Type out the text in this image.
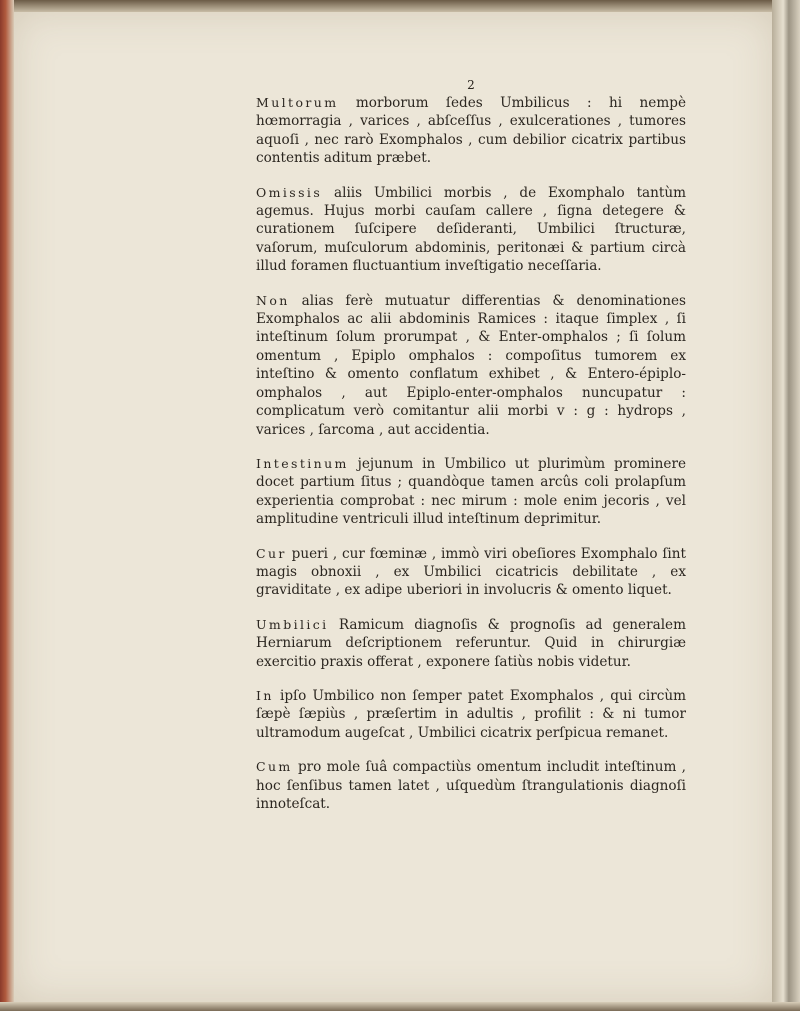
2

Multorum morborum ſedes Umbilicus : hi nempè hœmorragia , varices , abſceſſus , exulcerationes , tumores aquoſi , nec rarò Exomphalos , cum debilior cicatrix partibus contentis aditum præbet.

Omissis aliis Umbilici morbis , de Exomphalo tantùm agemus. Hujus morbi cauſam callere , ſigna detegere & curationem ſuſcipere deſideranti, Umbilici ſtructuræ, vaſorum, muſculorum abdominis, peritonæi & partium circà illud foramen fluctuantium inveſtigatio neceſſaria.

Non alias ferè mutuatur differentias & denominationes Exomphalos ac alii abdominis Ramices : itaque ſimplex , ſi inteſtinum ſolum prorumpat , & Enter-omphalos ; ſi ſolum omentum , Epiplo omphalos : compoſitus tumorem ex inteſtino & omento conflatum exhibet , & Entero-épiplo-omphalos , aut Epiplo-enter-omphalos nuncupatur : complicatum verò comitantur alii morbi v : g : hydrops , varices , ſarcoma , aut accidentia.

Intestinum jejunum in Umbilico ut plurimùm prominere docet partium ſitus ; quandòque tamen arcûs coli prolapſum experientia comprobat : nec mirum : mole enim jecoris , vel amplitudine ventriculi illud inteſtinum deprimitur.

Cur pueri , cur fœminæ , immò viri obeſiores Exomphalo ſint magis obnoxii , ex Umbilici cicatricis debilitate , ex graviditate , ex adipe uberiori in involucris & omento liquet.

Umbilici Ramicum diagnoſis & prognoſis ad generalem Herniarum deſcriptionem referuntur. Quid in chirurgiæ exercitio praxis offerat , exponere ſatiùs nobis videtur.

In ipſo Umbilico non ſemper patet Exomphalos , qui circùm ſæpè ſæpiùs , præſertim in adultis , profilit : & ni tumor ultramodum augeſcat , Umbilici cicatrix perſpicua remanet.

Cum pro mole ſuâ compactiùs omentum includit inteſtinum , hoc ſenſibus tamen latet , uſquedùm ſtrangulationis diagnoſi innoteſcat.
